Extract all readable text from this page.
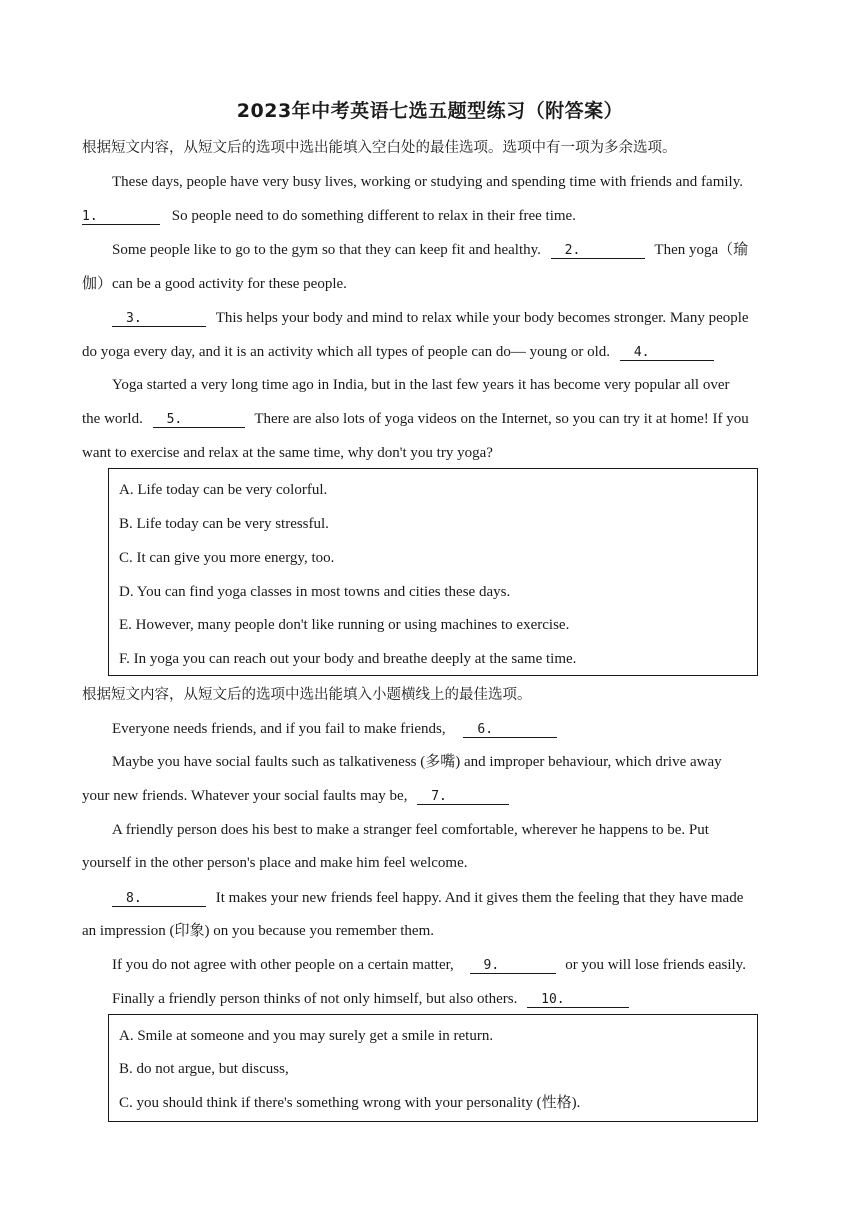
2023年中考英语七选五题型练习（附答案）
根据短文内容，从短文后的选项中选出能填入空白处的最佳选项。选项中有一项为多余选项。
These days, people have very busy lives, working or studying and spending time with friends and family.
1.	So people need to do something different to relax in their free time.
Some people like to go to the gym so that they can keep fit and healthy. 2.	Then yoga（瑜
伽）can be a good activity for these people.
3.	This helps your body and mind to relax while your body becomes stronger. Many people
do yoga every day, and it is an activity which all types of people can do— young or old. 4.
Yoga started a very long time ago in India, but in the last few years it has become very popular all over
the world. 5.	There are also lots of yoga videos on the Internet, so you can try it at home! If you
want to exercise and relax at the same time, why don't you try yoga?
A. Life today can be very colorful.
B. Life today can be very stressful.
C. It can give you more energy, too.
D. You can find yoga classes in most towns and cities these days.
E. However, many people don't like running or using machines to exercise.
F. In yoga you can reach out your body and breathe deeply at the same time.
根据短文内容，从短文后的选项中选出能填入小题横线上的最佳选项。
Everyone needs friends, and if you fail to make friends, 6.
Maybe you have social faults such as talkativeness (多嘴) and improper behaviour, which drive away
your new friends. Whatever your social faults may be, 7.
A friendly person does his best to make a stranger feel comfortable, wherever he happens to be. Put
yourself in the other person's place and make him feel welcome.
8.	It makes your new friends feel happy. And it gives them the feeling that they have made
an impression (印象) on you because you remember them.
If you do not agree with other people on a certain matter, 9.	or you will lose friends easily.
Finally a friendly person thinks of not only himself, but also others. 10.
A. Smile at someone and you may surely get a smile in return.
B. do not argue, but discuss,
C. you should think if there's something wrong with your personality (性格).
